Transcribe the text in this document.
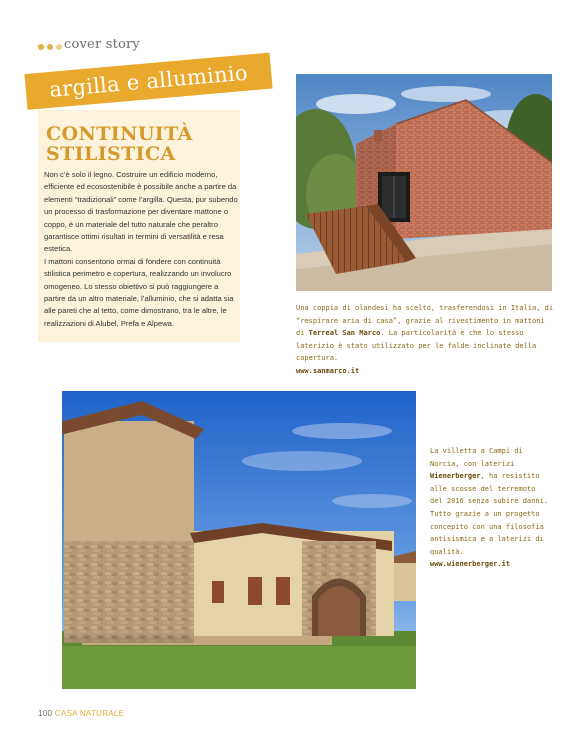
cover story
argilla e alluminio
CONTINUITÀ
STILISTICA

Non c’è solo il legno. Costruire un edificio moderno, efficiente ed ecosostenibile è possibile anche a partire da elementi “tradizionali” come l’argilla. Questa, pur subendo un processo di trasformazione per diventare mattone o coppo, è un materiale del tutto naturale che peraltro garantisce ottimi risultati in termini di versatilità e resa estetica.

I mattoni consentono ormai di fondere con continuità stilistica perimetro e copertura, realizzando un involucro omogeneo. Lo stesso obiettivo si può raggiungere a partire da un altro materiale, l’alluminio, che si adatta sia alle pareti che al tetto, come dimostrano, tra le altre, le realizzazioni di Alubel, Prefa e Alpewa.

Una coppia di olandesi ha scelto, trasferendosi in Italia, di “respirare aria di casa”, grazie al rivestimento in mattoni di Terreal San Marco. La particolarità è che lo stesso laterizio è stato utilizzato per le falde inclinate della copertura.
www.sanmarco.it
La villetta a Campi di Norcia, con laterizi Wienerberger, ha resistito alle scosse del terremoto del 2016 senza subire danni. Tutto grazie a un progetto concepito con una filosofia antisismica e a laterizi di qualità.
www.wienerberger.it
100 CASA NATURALE
